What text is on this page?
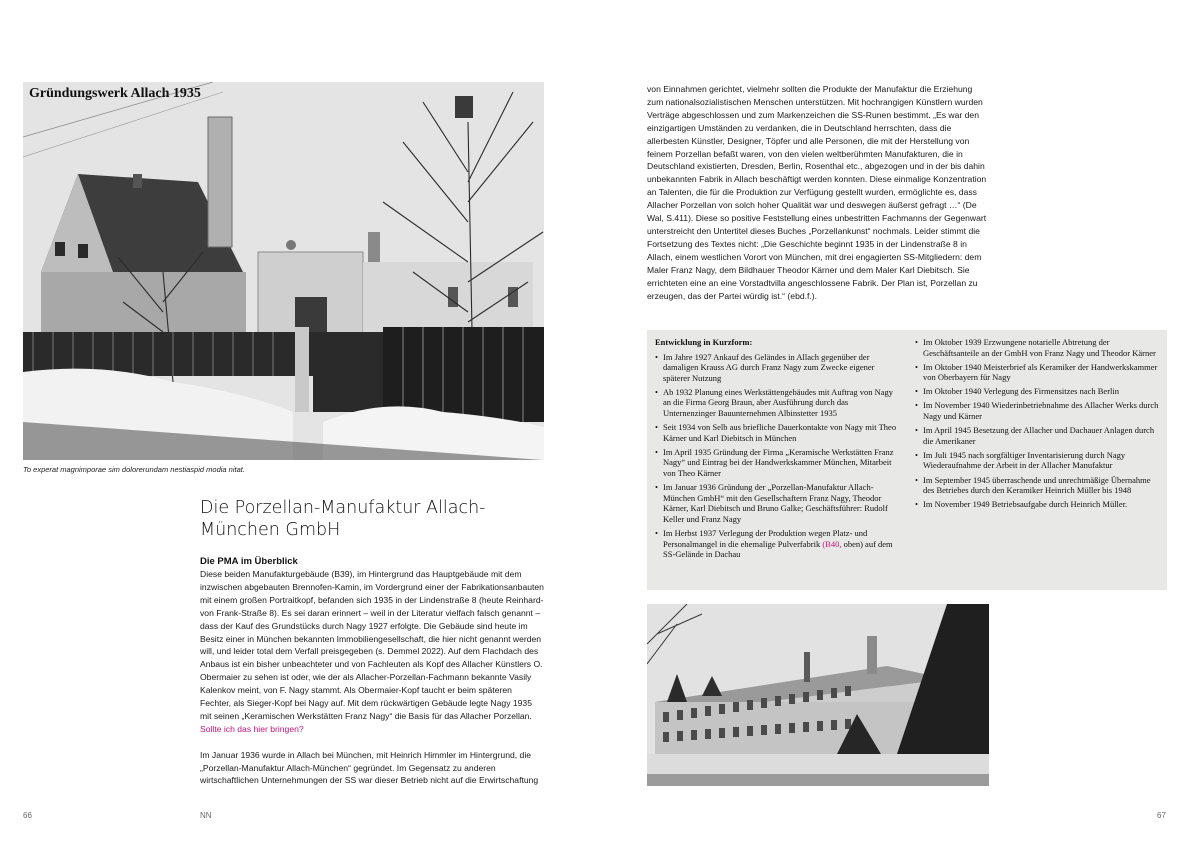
Gründungswerk Allach 1935
To experat magnimporae sim dolorerundam nestiaspid modia nitat.
Die Porzellan-Manufaktur Allach-München GmbH
Die PMA im Überblick

Diese beiden Manufakturgebäude (B39), im Hintergrund das Hauptgebäude mit dem inzwischen abgebauten Brennofen-Kamin, im Vordergrund einer der Fabrikationsanbauten mit einem großen Portraitkopf, befanden sich 1935 in der Lindenstraße 8 (heute Reinhard-von Frank-Straße 8). Es sei daran erinnert – weil in der Literatur vielfach falsch genannt – dass der Kauf des Grundstücks durch Nagy 1927 erfolgte. Die Gebäude sind heute im Besitz einer in München bekannten Immobiliengesellschaft, die hier nicht genannt werden will, und leider total dem Verfall preisgegeben (s. Demmel 2022). Auf dem Flachdach des Anbaus ist ein bisher unbeachteter und von Fachleuten als Kopf des Allacher Künstlers O. Obermaier zu sehen ist oder, wie der als Allacher-Porzellan-Fachmann bekannte Vasily Kalenkov meint, von F. Nagy stammt. Als Obermaier-Kopf taucht er beim späteren Fechter, als Sieger-Kopf bei Nagy auf. Mit dem rückwärtigen Gebäude legte Nagy 1935 mit seinen „Keramischen Werkstätten Franz Nagy“ die Basis für das Allacher Porzellan. Sollte ich das hier bringen?

Im Januar 1936 wurde in Allach bei München, mit Heinrich Himmler im Hintergrund, die „Porzellan-Manufaktur Allach-München“ gegründet. Im Gegensatz zu anderen wirtschaftlichen Unternehmungen der SS war dieser Betrieb nicht auf die Erwirtschaftung

von Einnahmen gerichtet, vielmehr sollten die Produkte der Manufaktur die Erziehung zum nationalsozialistischen Menschen unterstützen. Mit hochrangigen Künstlern wurden Verträge abgeschlossen und zum Markenzeichen die SS-Runen bestimmt. „Es war den einzigartigen Umständen zu verdanken, die in Deutschland herrschten, dass die allerbesten Künstler, Designer, Töpfer und alle Personen, die mit der Herstellung von feinem Porzellan befaßt waren, von den vielen weltberühmten Manufakturen, die in Deutschland existierten, Dresden, Berlin, Rosenthal etc., abgezogen und in der bis dahin unbekannten Fabrik in Allach beschäftigt werden konnten. Diese einmalige Konzentration an Talenten, die für die Produktion zur Verfügung gestellt wurden, ermöglichte es, dass Allacher Porzellan von solch hoher Qualität war und deswegen äußerst gefragt …“ (De Wal, S.411). Diese so positive Feststellung eines unbestritten Fachmanns der Gegenwart unterstreicht den Untertitel dieses Buches „Porzellankunst“ nochmals. Leider stimmt die Fortsetzung des Textes nicht: „Die Geschichte beginnt 1935 in der Lindenstraße 8 in Allach, einem westlichen Vorort von München, mit drei engagierten SS-Mitgliedern: dem Maler Franz Nagy, dem Bildhauer Theodor Kärner und dem Maler Karl Diebitsch. Sie errichteten eine an eine Vorstadtvilla angeschlossene Fabrik. Der Plan ist, Porzellan zu erzeugen, das der Partei würdig ist.“ (ebd.f.).
Entwicklung in Kurzform:
• Im Jahre 1927 Ankauf des Geländes in Allach gegenüber der damaligen Krauss AG durch Franz Nagy zum Zwecke eigener späterer Nutzung
• Ab 1932 Planung eines Werkstättengebäudes mit Auftrag von Nagy an die Firma Georg Braun, aber Ausführung durch das Unternenzinger Bauunternehmen Albinstetter 1935
• Seit 1934 von Selb aus briefliche Dauerkontakte von Nagy mit Theo Kärner und Karl Diebitsch in München
• Im April 1935 Gründung der Firma „Keramische Werkstätten Franz Nagy“ und Eintrag bei der Handwerkskammer München, Mitarbeit von Theo Kärner
• Im Januar 1936 Gründung der „Porzellan-Manufaktur Allach-München GmbH“ mit den Gesellschaftern Franz Nagy, Theodor Kärner, Karl Diebitsch und Bruno Galke; Geschäftsführer: Rudolf Keller und Franz Nagy
• Im Herbst 1937 Verlegung der Produktion wegen Platz- und Personalmangel in die ehemalige Pulverfabrik (B40, oben) auf dem SS-Gelände in Dachau
• Im Oktober 1939 Erzwungene notarielle Abtretung der Geschäftsanteile an der GmbH von Franz Nagy und Theodor Kärner
• Im Oktober 1940 Meisterbrief als Keramiker der Handwerkskammer von Oberbayern für Nagy
• Im Oktober 1940 Verlegung des Firmensitzes nach Berlin
• Im November 1940 Wiederinbetriebnahme des Allacher Werks durch Nagy und Kärner
• Im April 1945 Besetzung der Allacher und Dachauer Anlagen durch die Amerikaner
• Im Juli 1945 nach sorgfältiger Inventarisierung durch Nagy Wiederaufnahme der Arbeit in der Allacher Manufaktur
• Im September 1945 überraschende und unrechtmäßige Übernahme des Betriebes durch den Keramiker Heinrich Müller bis 1948
• Im November 1949 Betriebsaufgabe durch Heinrich Müller.
66	NN	67
